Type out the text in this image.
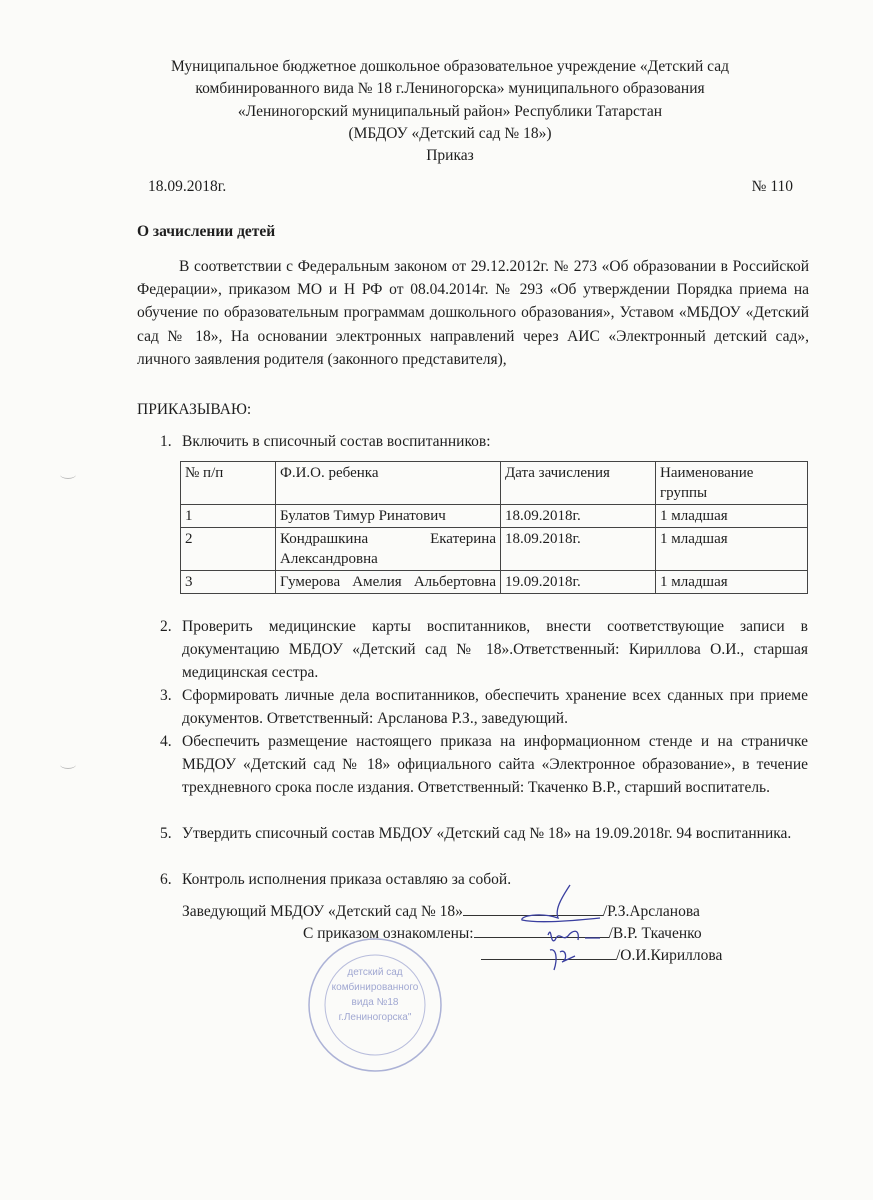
Муниципальное бюджетное дошкольное образовательное учреждение «Детский сад
комбинированного вида № 18 г.Лениногорска» муниципального образования
«Лениногорский муниципальный район» Республики Татарстан
(МБДОУ «Детский сад № 18»)
Приказ
18.09.2018г.	№ 110
О зачислении детей
В соответствии с Федеральным законом от 29.12.2012г. № 273 «Об образовании в Российской Федерации», приказом МО и Н РФ от 08.04.2014г. № 293 «Об утверждении Порядка приема на обучение по образовательным программам дошкольного образования», Уставом «МБДОУ «Детский сад № 18», На основании электронных направлений через АИС «Электронный детский сад», личного заявления родителя (законного представителя),
ПРИКАЗЫВАЮ:
1. Включить в списочный состав воспитанников:
№ п/п	Ф.И.О. ребенка	Дата зачисления	Наименование группы
1	Булатов Тимур Ринатович	18.09.2018г.	1 младшая
2	Кондрашкина Екатерина Александровна	18.09.2018г.	1 младшая
3	Гумерова Амелия Альбертовна	19.09.2018г.	1 младшая
2. Проверить медицинские карты воспитанников, внести соответствующие записи в документацию МБДОУ «Детский сад № 18».Ответственный: Кириллова О.И., старшая медицинская сестра.
3. Сформировать личные дела воспитанников, обеспечить хранение всех сданных при приеме документов. Ответственный: Арсланова Р.З., заведующий.
4. Обеспечить размещение настоящего приказа на информационном стенде и на страничке МБДОУ «Детский сад № 18» официального сайта «Электронное образование», в течение трехдневного срока после издания. Ответственный: Ткаченко В.Р., старший воспитатель.
5. Утвердить списочный состав МБДОУ «Детский сад № 18» на 19.09.2018г. 94 воспитанника.
6. Контроль исполнения приказа оставляю за собой.
детский сад
комбинированного
вида №18
г.Лениногорска"
Заведующий МБДОУ «Детский сад № 18»	/Р.З.Арсланова
С приказом ознакомлены:	/В.Р. Ткаченко
/О.И.Кириллова
